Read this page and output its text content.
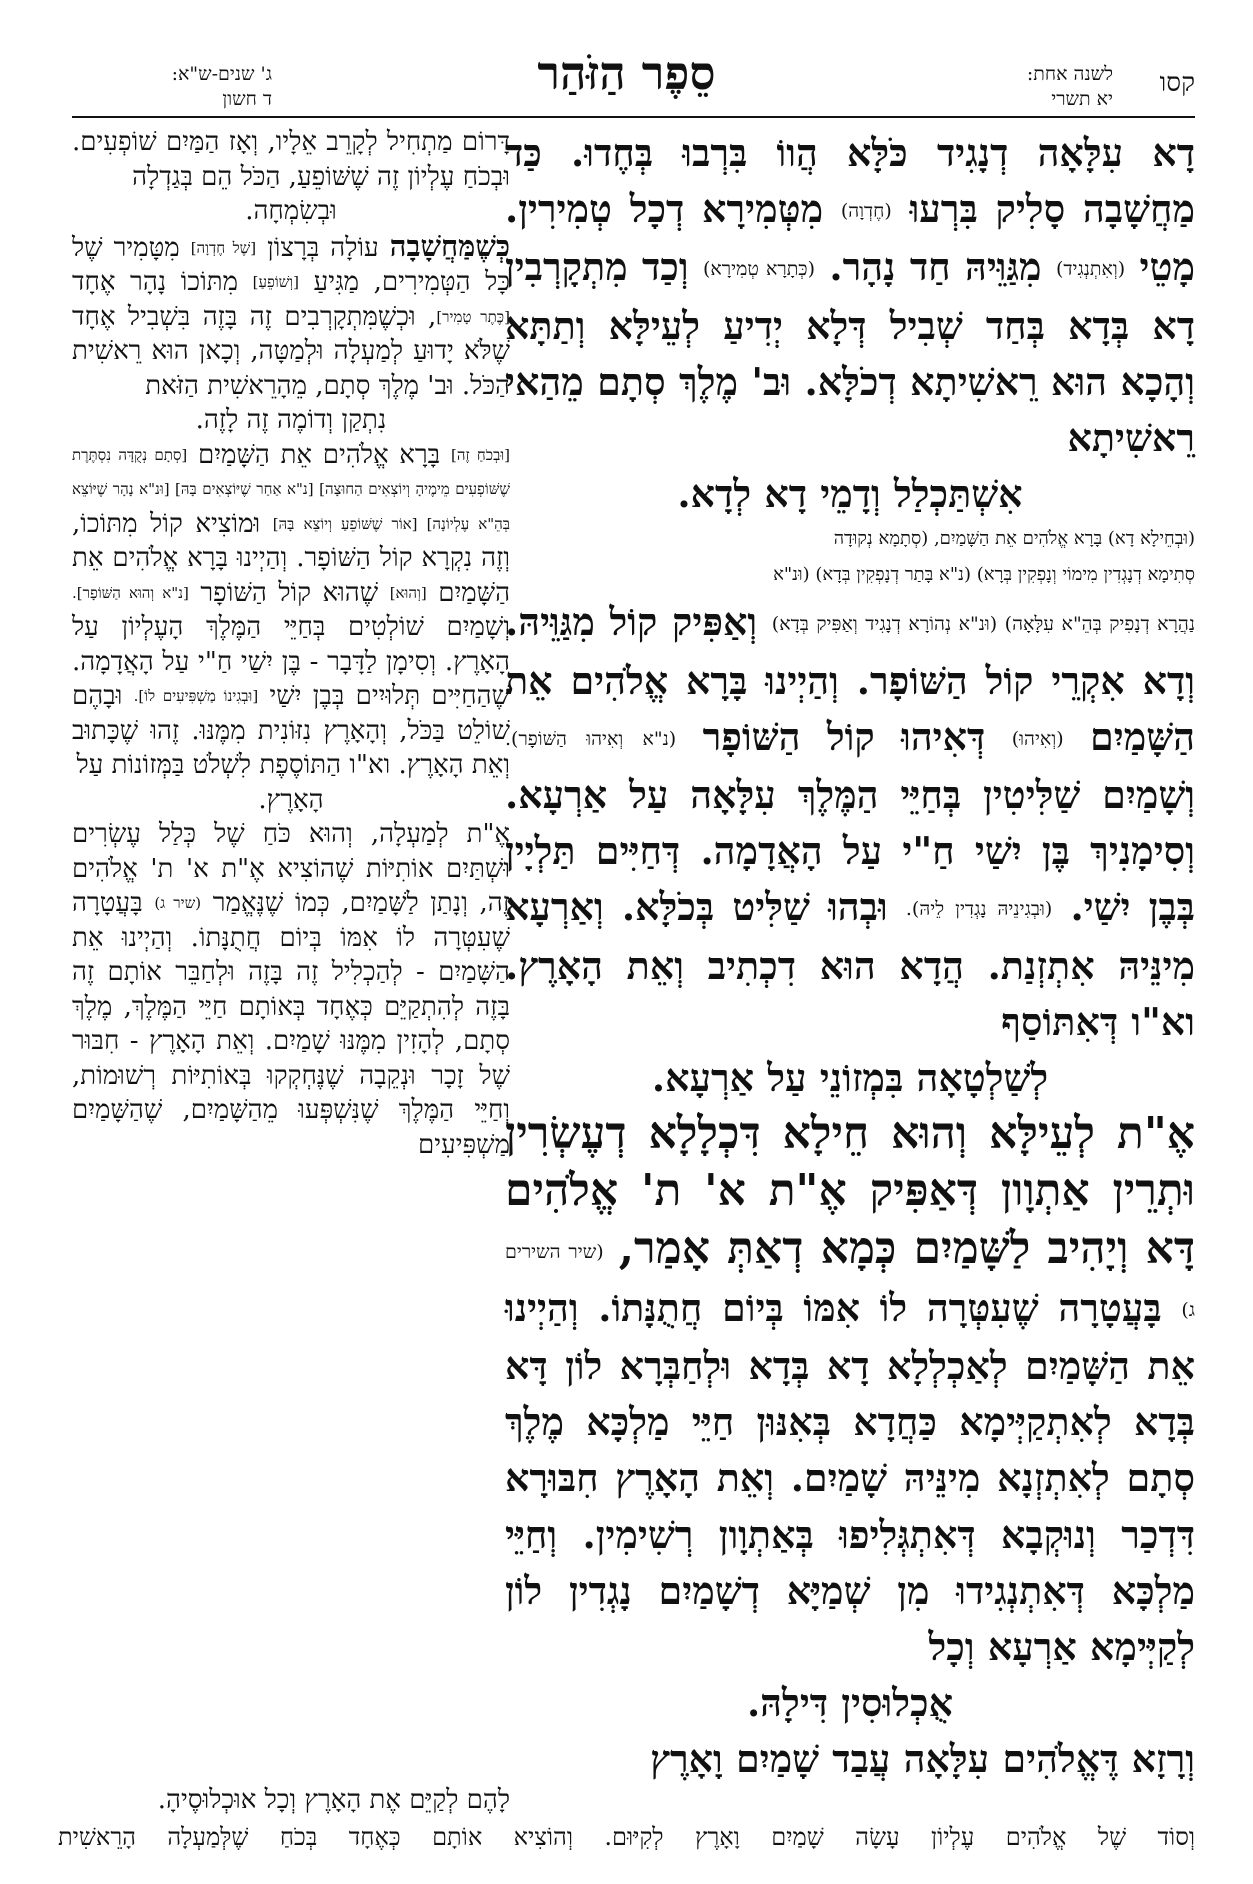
קסו
לשנה אחת:
יא תשרי
סֵפֶר הַזֹּהַר
ג' שנים-ש"א:
ד חשון

דָא עִלָּאָה דְנָגִיד כֹּלָּא הֲווֹ בִּרְבוּ בְּחֶדוּ. כַּד מַחֲשָׁבָה סָלִיק בִּרְעוּ (חֶדְוָה) מִטְּמִירָא דְכָל טְמִירִין. מָטֵי (וְאִתְנְגִיד) מִגַּוֵּיהּ חַד נָהָר. (כְּתָרָא טְמִירָא) וְכַד מִתְקָרְבִין דָא בְּדָא בְּחַד שְׁבִיל דְּלָא יְדִיעַ לְעֵילָּא וְתַתָּא וְהָכָא הוּא רֵאשִׁיתָא דְכֹלָּא. וּב' מֶלֶךְ סְתָם מֵהַאי רֵאשִׁיתָא

אִשְׁתַּכְלַל וְדָמֵי דָא לְדָא.

(וּבְחֵילָא דָא) בָּרָא אֱלֹהִים אֵת הַשָּׁמַיִם, (סְתָמָא נְקוּדָה

סְתִימָא דְנָגְדִין מִימוֹי וְנָפְקִין בְּרָא) (נ"א בָּתַר דְנָפְקִין בְּדָא) (וּנ"א

נַהֲרָא דְנָפִיק בְּהֵ"א עִלָּאָה) (וּנ"א נְהוֹרָא דְנָגִיד וְאַפִּיק בְּדָא) וְאַפִּיק קוֹל מִגַּוֵּיהּ. וְדָא אִקְרֵי קוֹל הַשּׁוֹפָר. וְהַיְינוּ בָּרָא אֱלֹהִים אֵת הַשָּׁמַיִם (וְאִיהוּ) דְּאִיהוּ קוֹל הַשּׁוֹפָר (נ"א וְאִיהוּ הַשּׁוֹפָר). וְשָׁמַיִם שַׁלִּיטִין בְּחַיֵּי הַמֶּלֶךְ עִלָּאָה עַל אַרְעָא. וְסִימָנִיךְ בֶּן יִשַׁי חַ"י עַל הָאֲדָמָה. דְּחַיִּים תַּלְיָין בְּבֶן יִשַׁי. (וּבְגִינֵיהּ נָגְדִין לֵיהּ). וּבְהוּ שַׁלִּיט בְּכֹלָּא. וְאַרְעָא מִינֵּיהּ אִתְזְנַת. הֲדָא הוּא דִכְתִיב וְאֵת הָאָרֶץ. וא"ו דְּאִתּוֹסַף

לְשַׁלְטָאָה בִּמְזוֹנֵי עַל אַרְעָא.

אֶ"ת לְעֵילָּא וְהוּא חֵילָא דִּכְלָלָא דְעֶשְׂרִין וּתְרֵין אַתְוָון דְּאַפִּיק אֶ"ת א' ת' אֱלֹהִים דָּא וְיָהִיב לַשָּׁמַיִם כְּמָא דְאַתְּ אָמַר, (שיר השירים ג) בָּעֲטָרָה שֶׁעִטְּרָה לוֹ אִמּוֹ בְּיוֹם חֲתֻנָּתוֹ. וְהַיְינוּ אֵת הַשָּׁמַיִם לְאַכְלְלָא דָא בְּדָא וּלְחַבְּרָא לוֹן דָּא בְּדָא לְאִתְקַיְּימָא כַּחֲדָא בְּאִנּוּן חַיֵּי מַלְכָּא מֶלֶךְ סְתָם לְאִתְזְנָא מִינֵּיהּ שָׁמַיִם. וְאֵת הָאָרֶץ חִבּוּרָא דִּדְכַר וְנוּקְבָא דְּאִתְגְּלִיפוּ בְּאַתְוָון רְשִׁימִין. וְחַיֵּי מַלְכָּא דְּאִתְנְגִידוּ מִן שְׁמַיָּא דְשָׁמַיִם נָגְדִין לוֹן לְקַיְּימָא אַרְעָא וְכָל

אֻכְלוּסִין דִּילָהּ.

וְרָזָא דֶּאֱלֹהִים עִלָּאָה עֲבַד שָׁמַיִם וָאָרֶץ

דָּרוֹם מַתְחִיל לְקָרֵב אֵלָיו, וְאָז הַמַּיִם שׁוֹפְעִים. וּבְכֹחַ עֶלְיוֹן זֶה שֶׁשּׁוֹפֵעַ, הַכֹּל הֵם בְּגַדְלָה

וּבְשִׂמְחָה.

כְּשֶׁמַּחֲשָׁבָה עוֹלָה בְּרָצוֹן [שֶׁל חֶדְוָה] מִטָּמִיר שֶׁל כָּל הַטְּמִירִים, מַגִּיעַ [וְשׁוֹפֵעַ] מִתּוֹכוֹ נָהָר אֶחָד [כֶּתֶר טָמִיר], וּכְשֶׁמִּתְקָרְבִים זֶה בָּזֶה בִּשְׁבִיל אֶחָד שֶׁלֹּא יָדוּעַ לְמַעְלָה וּלְמַטָּה, וְכָאן הוּא רֵאשִׁית הַכֹּל. וּב' מֶלֶךְ סְתָם, מֵהָרֵאשִׁית הַזֹּאת

נִתְקַן וְדוֹמֶה זֶה לָזֶה.

[וּבְכֹחַ זֶה] בָּרָא אֱלֹהִים אֵת הַשָּׁמַיִם [סְתָם נְקֻדָּה נִסְתֶּרֶת שֶׁשּׁוֹפְעִים מֵימֶיהָ וְיוֹצְאִים הַחוּצָה] [נ"א אַחַר שֶׁיּוֹצְאִים בָּהּ] [וּנ"א נָהָר שֶׁיּוֹצֵא בְּהֵ"א עֶלְיוֹנָה] [אוֹר שֶׁשּׁוֹפֵעַ וְיוֹצֵא בָּהּ] וּמוֹצִיא קוֹל מִתּוֹכוֹ, וְזֶה נִקְרָא קוֹל הַשּׁוֹפָר. וְהַיְינוּ בָּרָא אֱלֹהִים אֵת הַשָּׁמַיִם [וְהוּא] שֶׁהוּא קוֹל הַשּׁוֹפָר [נ"א וְהוּא הַשּׁוֹפָר]. וְשָׁמַיִם שׁוֹלְטִים בְּחַיֵּי הַמֶּלֶךְ הָעֶלְיוֹן עַל הָאָרֶץ. וְסִימָן לַדָּבָר - בֶּן יִשַׁי חַ"י עַל הָאֲדָמָה. שֶׁהַחַיִּים תְּלוּיִים בְּבֶן יִשַׁי [וּבְגִינוֹ מַשְׁפִּיעִים לוֹ]. וּבָהֶם שׁוֹלֵט בַּכֹּל, וְהָאָרֶץ נִזּוֹנִית מִמֶּנּוּ. זֶהוּ שֶׁכָּתוּב וְאֵת הָאָרֶץ. וא"ו הַתּוֹסֶפֶת לִשְׁלֹט בַּמְּזוֹנוֹת עַל

הָאָרֶץ.

אֶ"ת לְמַעְלָה, וְהוּא כֹּחַ שֶׁל כְּלַל עֶשְׂרִים וּשְׁתַּיִם אוֹתִיּוֹת שֶׁהוֹצִיא אֶ"ת א' ת' אֱלֹהִים זֶה, וְנָתַן לַשָּׁמַיִם, כְּמוֹ שֶׁנֶּאֱמַר (שיר ג) בָּעֲטָרָה שֶׁעִטְּרָה לוֹ אִמּוֹ בְּיוֹם חֲתֻנָּתוֹ. וְהַיְינוּ אֵת הַשָּׁמַיִם - לְהַכְלִיל זֶה בָּזֶה וּלְחַבֵּר אוֹתָם זֶה בָּזֶה לְהִתְקַיֵּם כְּאֶחָד בְּאוֹתָם חַיֵּי הַמֶּלֶךְ, מֶלֶךְ סְתָם, לְהָזִין מִמֶּנּוּ שָׁמַיִם. וְאֵת הָאָרֶץ - חִבּוּר שֶׁל זָכָר וּנְקֵבָה שֶׁנֶּחְקְקוּ בְּאוֹתִיּוֹת רְשׁוּמוֹת, וְחַיֵּי הַמֶּלֶךְ שֶׁנִּשְׁפְּעוּ מֵהַשָּׁמַיִם, שֶׁהַשָּׁמַיִם מַשְׁפִּיעִים

לָהֶם לְקַיֵּם אֶת הָאָרֶץ וְכָל אוּכְלוּסֶיהָ.
וְסוֹד שֶׁל אֱלֹהִים עֶלְיוֹן עָשָׂה שָׁמַיִם וָאָרֶץ לְקִיּוּם. וְהוֹצִיא אוֹתָם כְּאֶחָד בְּכֹחַ שֶׁלְּמַעְלָה הָרֵאשִׁית
